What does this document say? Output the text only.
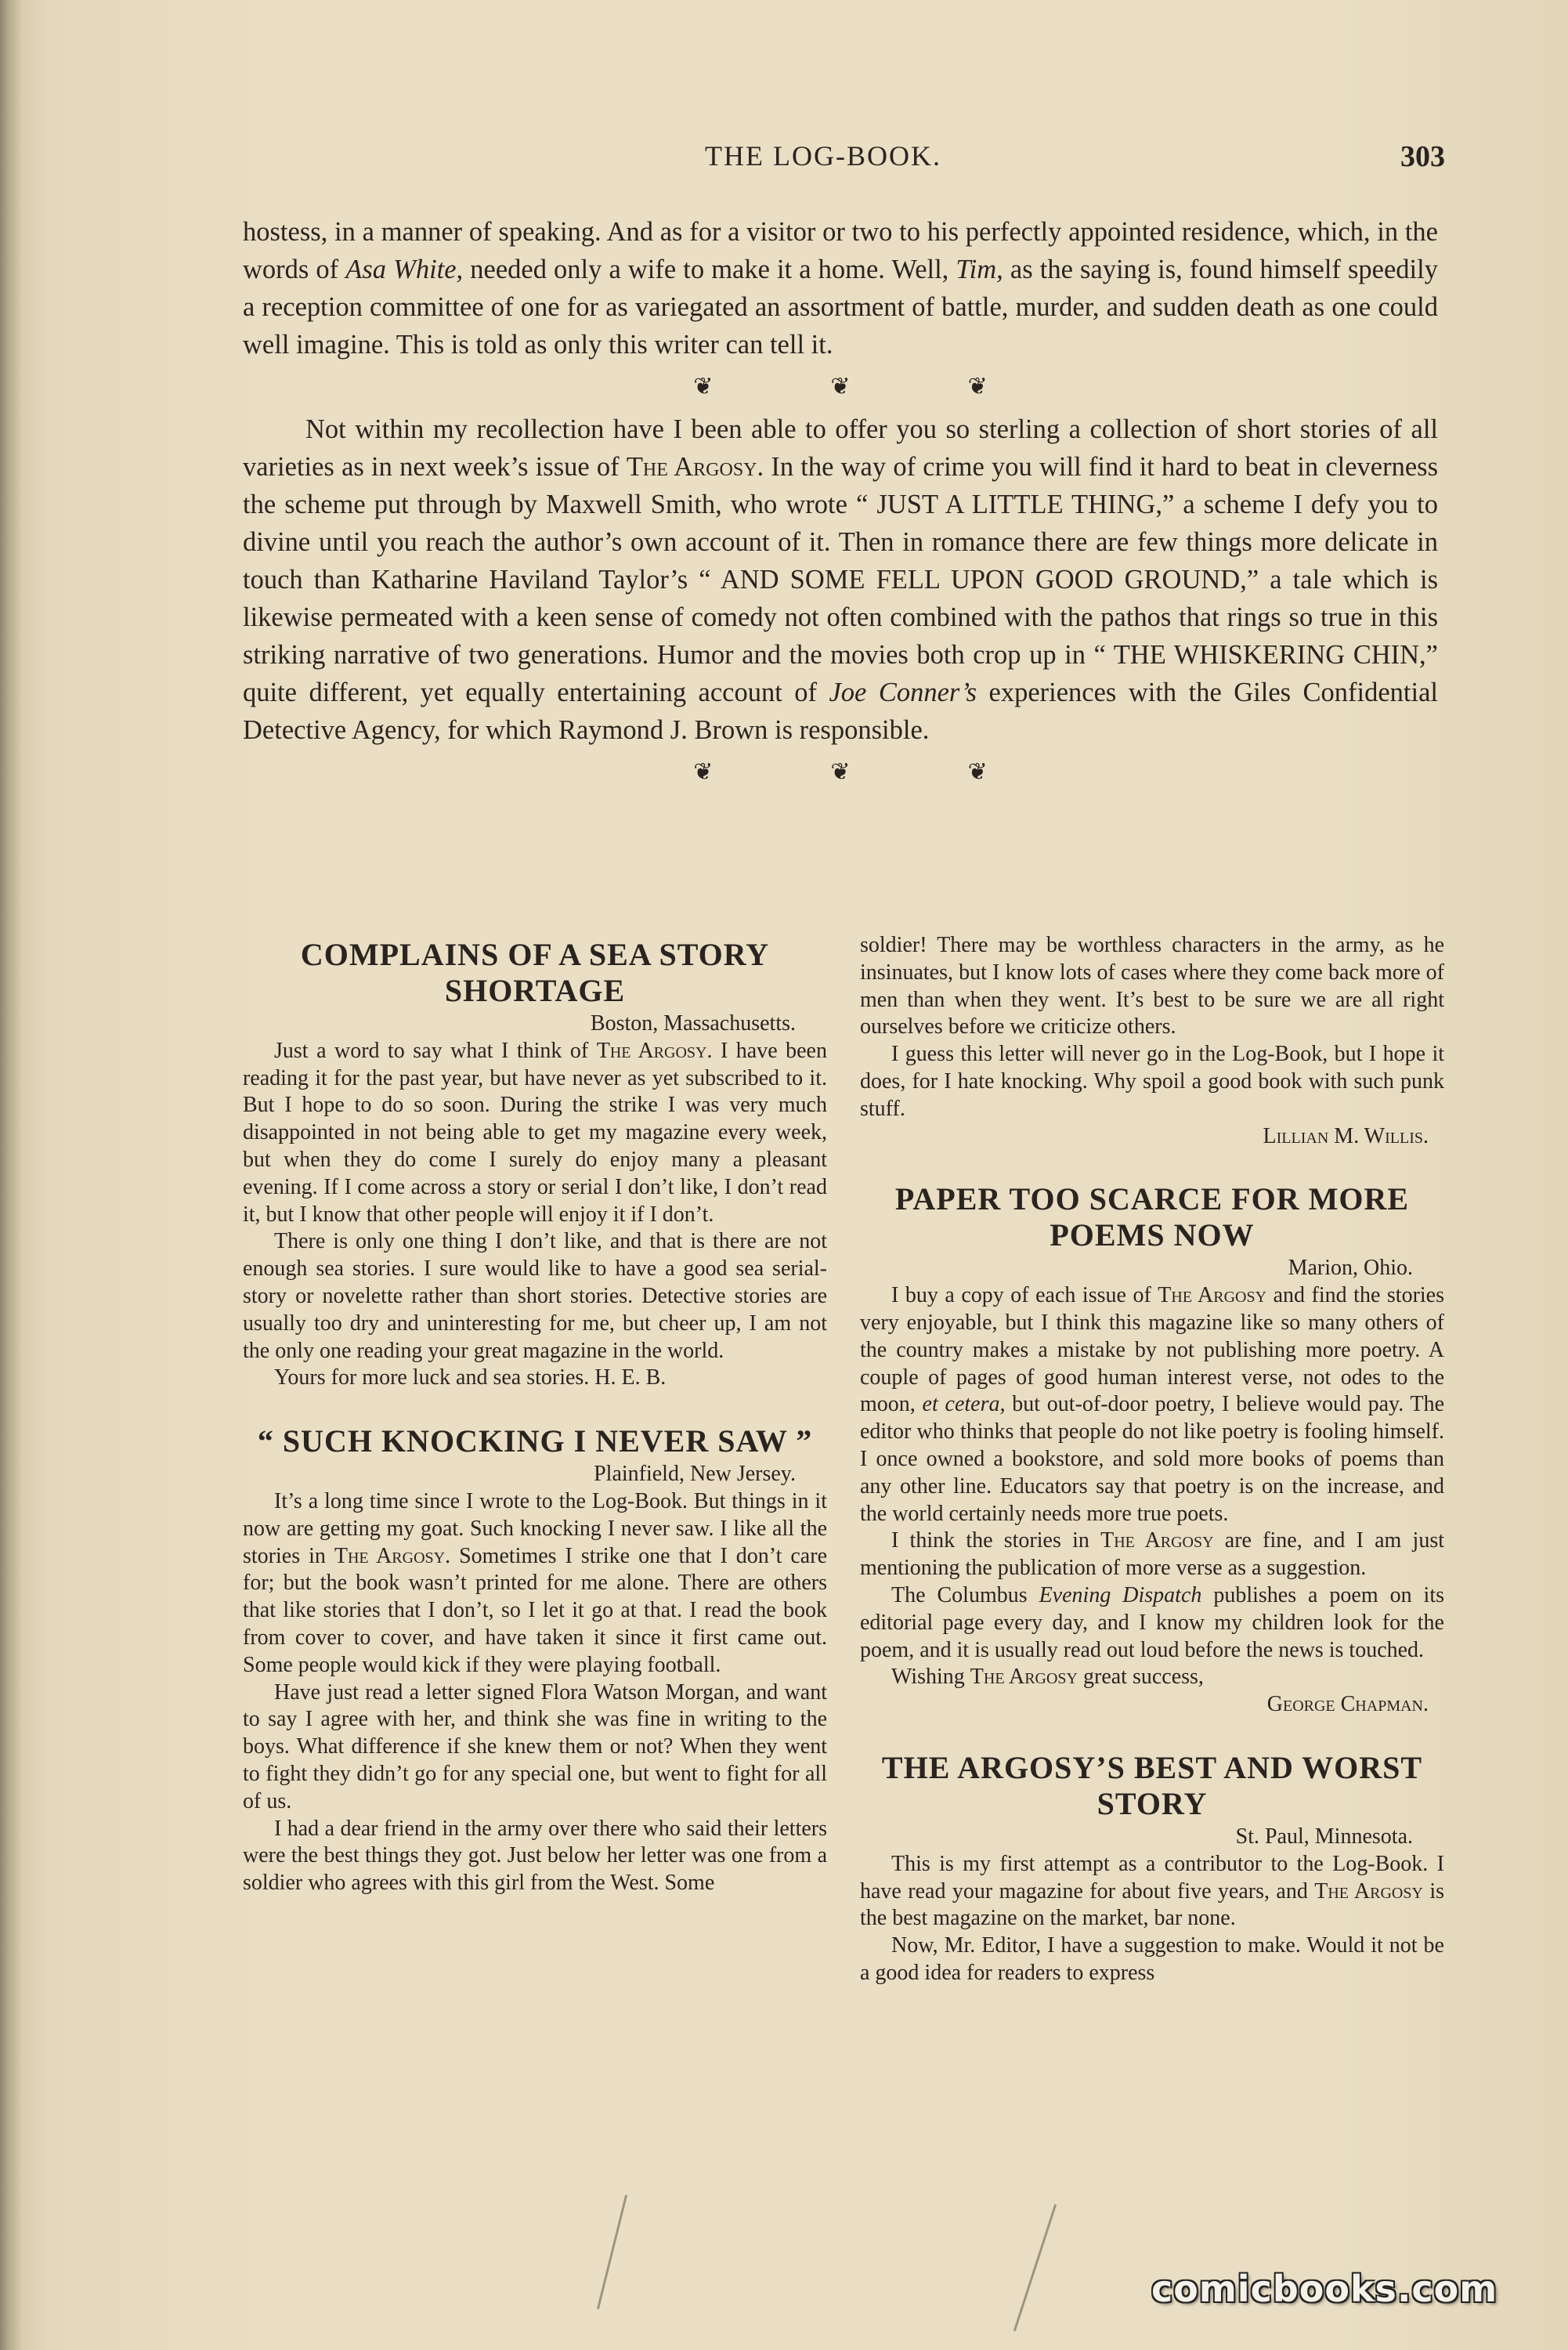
THE LOG-BOOK.	303

hostess, in a manner of speaking. And as for a visitor or two to his perfectly appointed residence, which, in the words of Asa White, needed only a wife to make it a home. Well, Tim, as the saying is, found himself speedily a reception committee of one for as variegated an assortment of battle, murder, and sudden death as one could well imagine. This is told as only this writer can tell it.

❦	❦	❦

Not within my recollection have I been able to offer you so sterling a collection of short stories of all varieties as in next week’s issue of The Argosy. In the way of crime you will find it hard to beat in cleverness the scheme put through by Maxwell Smith, who wrote “ JUST A LITTLE THING,” a scheme I defy you to divine until you reach the author’s own account of it. Then in romance there are few things more delicate in touch than Katharine Haviland Taylor’s “ AND SOME FELL UPON GOOD GROUND,” a tale which is likewise permeated with a keen sense of comedy not often combined with the pathos that rings so true in this striking narrative of two generations. Humor and the movies both crop up in “ THE WHISKERING CHIN,” quite different, yet equally entertaining account of Joe Conner’s experiences with the Giles Confidential Detective Agency, for which Raymond J. Brown is responsible.

❦	❦	❦
COMPLAINS OF A SEA STORY SHORTAGE
Boston, Massachusetts.

Just a word to say what I think of The Argosy. I have been reading it for the past year, but have never as yet subscribed to it. But I hope to do so soon. During the strike I was very much disappointed in not being able to get my magazine every week, but when they do come I surely do enjoy many a pleasant evening. If I come across a story or serial I don’t like, I don’t read it, but I know that other people will enjoy it if I don’t.

There is only one thing I don’t like, and that is there are not enough sea stories. I sure would like to have a good sea serial-story or novelette rather than short stories. Detective stories are usually too dry and uninteresting for me, but cheer up, I am not the only one reading your great magazine in the world.

Yours for more luck and sea stories. H. E. B.

“ SUCH KNOCKING I NEVER SAW ”
Plainfield, New Jersey.

It’s a long time since I wrote to the Log-Book. But things in it now are getting my goat. Such knocking I never saw. I like all the stories in The Argosy. Sometimes I strike one that I don’t care for; but the book wasn’t printed for me alone. There are others that like stories that I don’t, so I let it go at that. I read the book from cover to cover, and have taken it since it first came out. Some people would kick if they were playing football.

Have just read a letter signed Flora Watson Morgan, and want to say I agree with her, and think she was fine in writing to the boys. What difference if she knew them or not? When they went to fight they didn’t go for any special one, but went to fight for all of us.

I had a dear friend in the army over there who said their letters were the best things they got. Just below her letter was one from a soldier who agrees with this girl from the West. Some

soldier! There may be worthless characters in the army, as he insinuates, but I know lots of cases where they come back more of men than when they went. It’s best to be sure we are all right ourselves before we criticize others.

I guess this letter will never go in the Log-Book, but I hope it does, for I hate knocking. Why spoil a good book with such punk stuff.

Lillian M. Willis.
PAPER TOO SCARCE FOR MORE POEMS NOW
Marion, Ohio.

I buy a copy of each issue of The Argosy and find the stories very enjoyable, but I think this magazine like so many others of the country makes a mistake by not publishing more poetry. A couple of pages of good human interest verse, not odes to the moon, et cetera, but out-of-door poetry, I believe would pay. The editor who thinks that people do not like poetry is fooling himself. I once owned a bookstore, and sold more books of poems than any other line. Educators say that poetry is on the increase, and the world certainly needs more true poets.

I think the stories in The Argosy are fine, and I am just mentioning the publication of more verse as a suggestion.

The Columbus Evening Dispatch publishes a poem on its editorial page every day, and I know my children look for the poem, and it is usually read out loud before the news is touched.

Wishing The Argosy great success,

George Chapman.
THE ARGOSY’S BEST AND WORST STORY
St. Paul, Minnesota.

This is my first attempt as a contributor to the Log-Book. I have read your magazine for about five years, and The Argosy is the best magazine on the market, bar none.

Now, Mr. Editor, I have a suggestion to make. Would it not be a good idea for readers to express

comicbooks.com
